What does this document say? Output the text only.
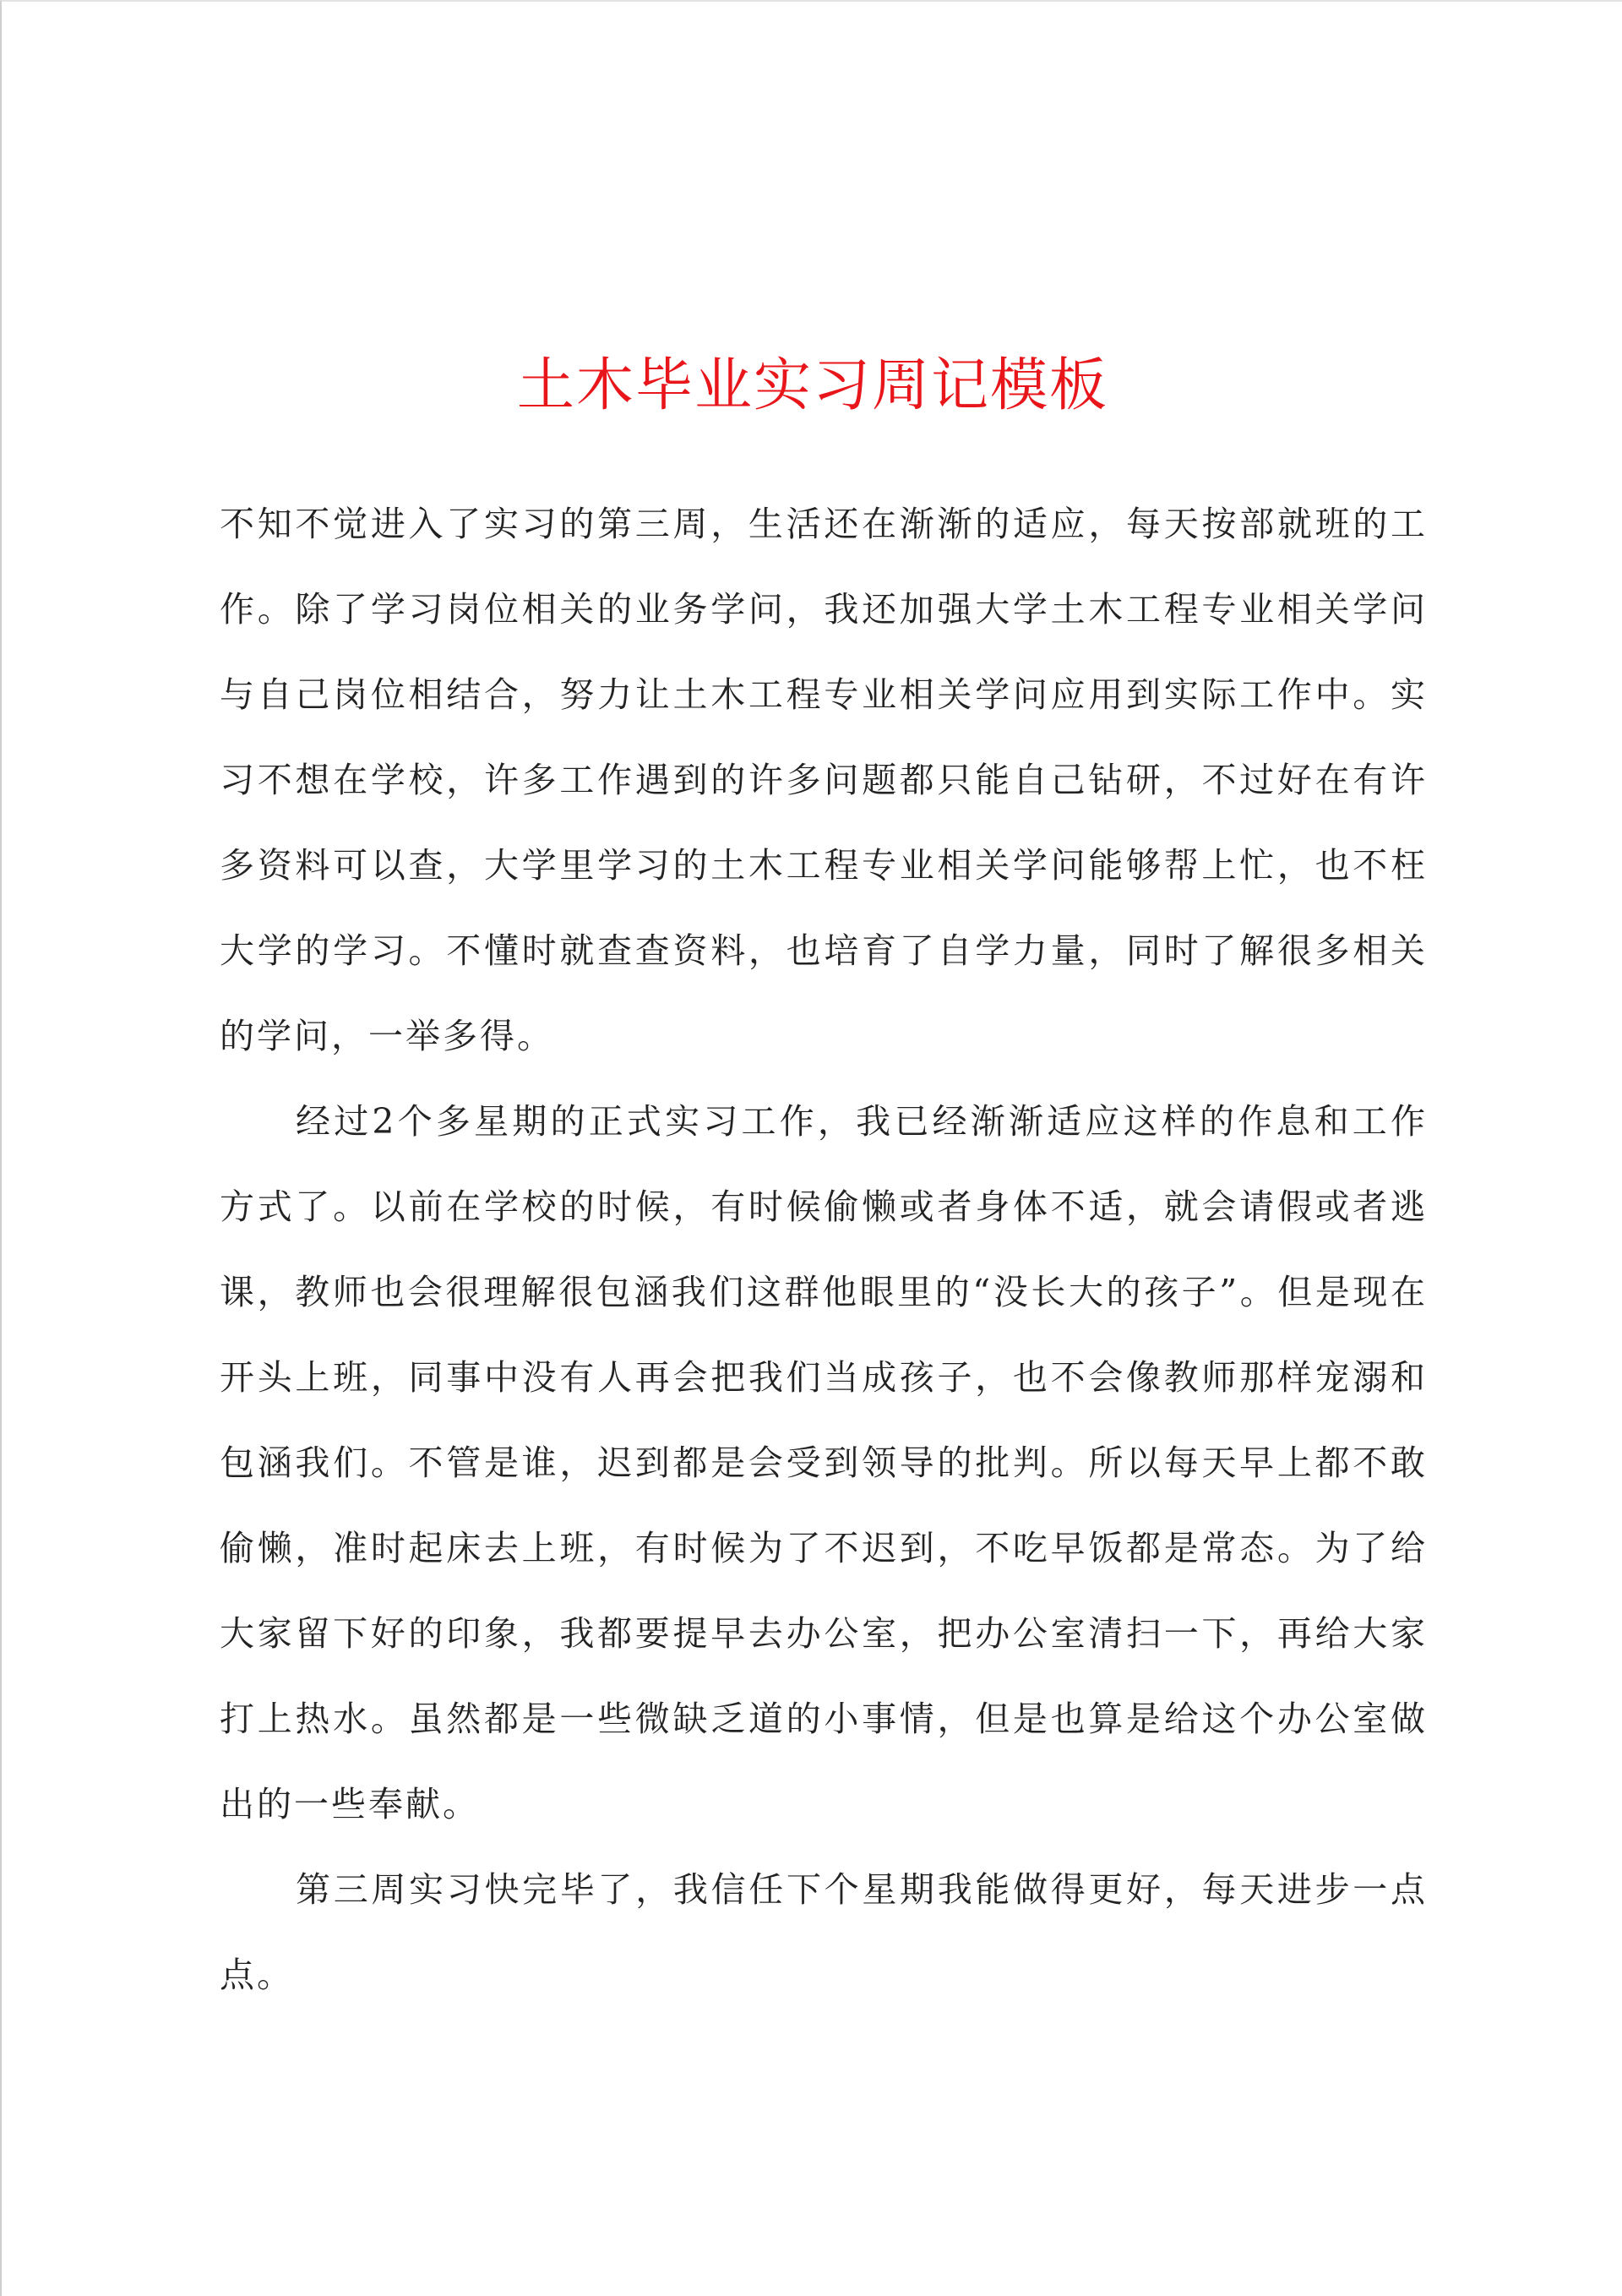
土木毕业实习周记模板

不知不觉进入了实习的第三周，生活还在渐渐的适应，每天按部就班的工作。除了学习岗位相关的业务学问，我还加强大学土木工程专业相关学问与自己岗位相结合，努力让土木工程专业相关学问应用到实际工作中。实习不想在学校，许多工作遇到的许多问题都只能自己钻研，不过好在有许多资料可以查，大学里学习的土木工程专业相关学问能够帮上忙，也不枉大学的学习。不懂时就查查资料，也培育了自学力量，同时了解很多相关的学问，一举多得。

经过2个多星期的正式实习工作，我已经渐渐适应这样的作息和工作方式了。以前在学校的时候，有时候偷懒或者身体不适，就会请假或者逃课，教师也会很理解很包涵我们这群他眼里的“没长大的孩子”。但是现在开头上班，同事中没有人再会把我们当成孩子，也不会像教师那样宠溺和包涵我们。不管是谁，迟到都是会受到领导的批判。所以每天早上都不敢偷懒，准时起床去上班，有时候为了不迟到，不吃早饭都是常态。为了给大家留下好的印象，我都要提早去办公室，把办公室清扫一下，再给大家打上热水。虽然都是一些微缺乏道的小事情，但是也算是给这个办公室做出的一些奉献。

第三周实习快完毕了，我信任下个星期我能做得更好，每天进步一点点。
